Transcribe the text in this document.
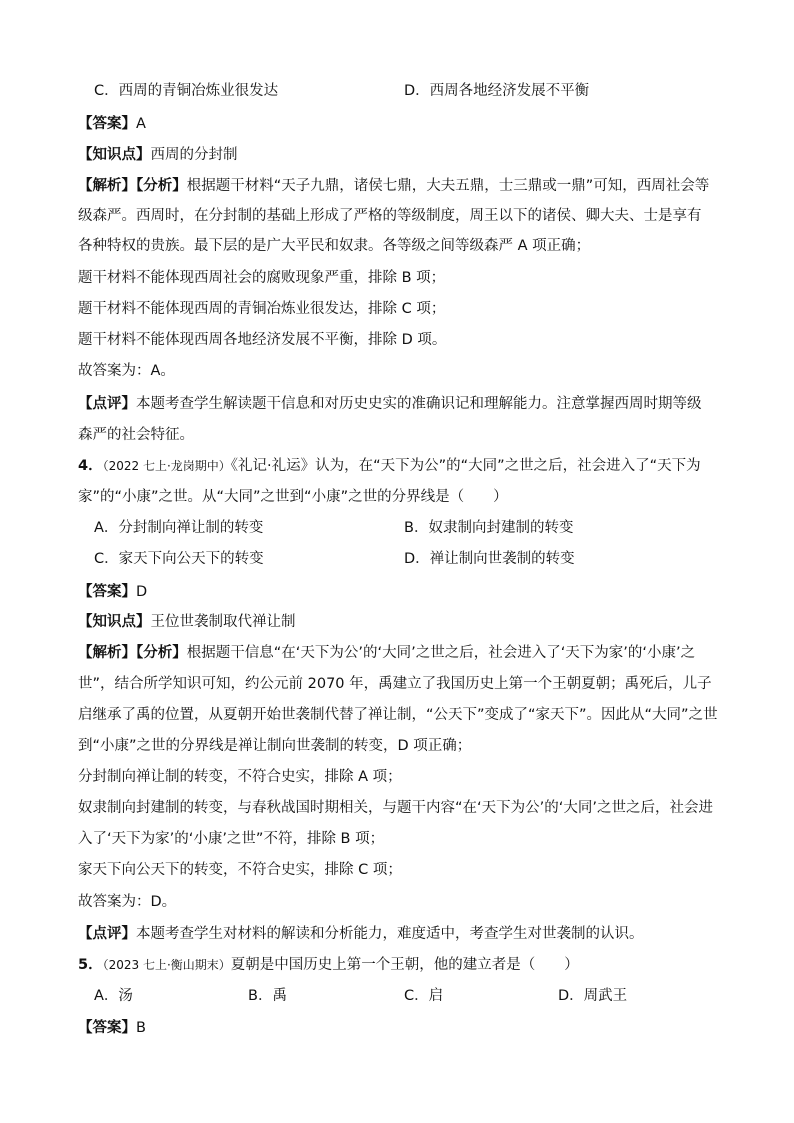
C．西周的青铜冶炼业很发达	D．西周各地经济发展不平衡
【答案】A
【知识点】西周的分封制
【解析】【分析】根据题干材料“天子九鼎，诸侯七鼎，大夫五鼎，士三鼎或一鼎”可知，西周社会等
级森严。西周时，在分封制的基础上形成了严格的等级制度，周王以下的诸侯、卿大夫、士是享有
各种特权的贵族。最下层的是广大平民和奴隶。各等级之间等级森严 A 项正确；
题干材料不能体现西周社会的腐败现象严重，排除 B 项；
题干材料不能体现西周的青铜冶炼业很发达，排除 C 项；
题干材料不能体现西周各地经济发展不平衡，排除 D 项。
故答案为：A。
【点评】本题考查学生解读题干信息和对历史史实的准确识记和理解能力。注意掌握西周时期等级
森严的社会特征。
4．（2022 七上·龙岗期中）《礼记·礼运》认为，在“天下为公”的“大同”之世之后，社会进入了“天下为
家”的“小康”之世。从“大同”之世到“小康”之世的分界线是（　　）
A．分封制向禅让制的转变	B．奴隶制向封建制的转变
C．家天下向公天下的转变	D．禅让制向世袭制的转变
【答案】D
【知识点】王位世袭制取代禅让制
【解析】【分析】根据题干信息“在‘天下为公’的‘大同’之世之后，社会进入了‘天下为家’的‘小康’之
世”，结合所学知识可知，约公元前 2070 年，禹建立了我国历史上第一个王朝夏朝；禹死后，儿子
启继承了禹的位置，从夏朝开始世袭制代替了禅让制，“公天下”变成了“家天下”。因此从“大同”之世
到“小康”之世的分界线是禅让制向世袭制的转变，D 项正确；
分封制向禅让制的转变，不符合史实，排除 A 项；
奴隶制向封建制的转变，与春秋战国时期相关，与题干内容“在‘天下为公’的‘大同’之世之后，社会进
入了‘天下为家’的‘小康’之世”不符，排除 B 项；
家天下向公天下的转变，不符合史实，排除 C 项；
故答案为：D。
【点评】本题考查学生对材料的解读和分析能力，难度适中，考查学生对世袭制的认识。
5．（2023 七上·衡山期末）夏朝是中国历史上第一个王朝，他的建立者是（　　）
A．汤	B．禹	C．启	D．周武王
【答案】B
